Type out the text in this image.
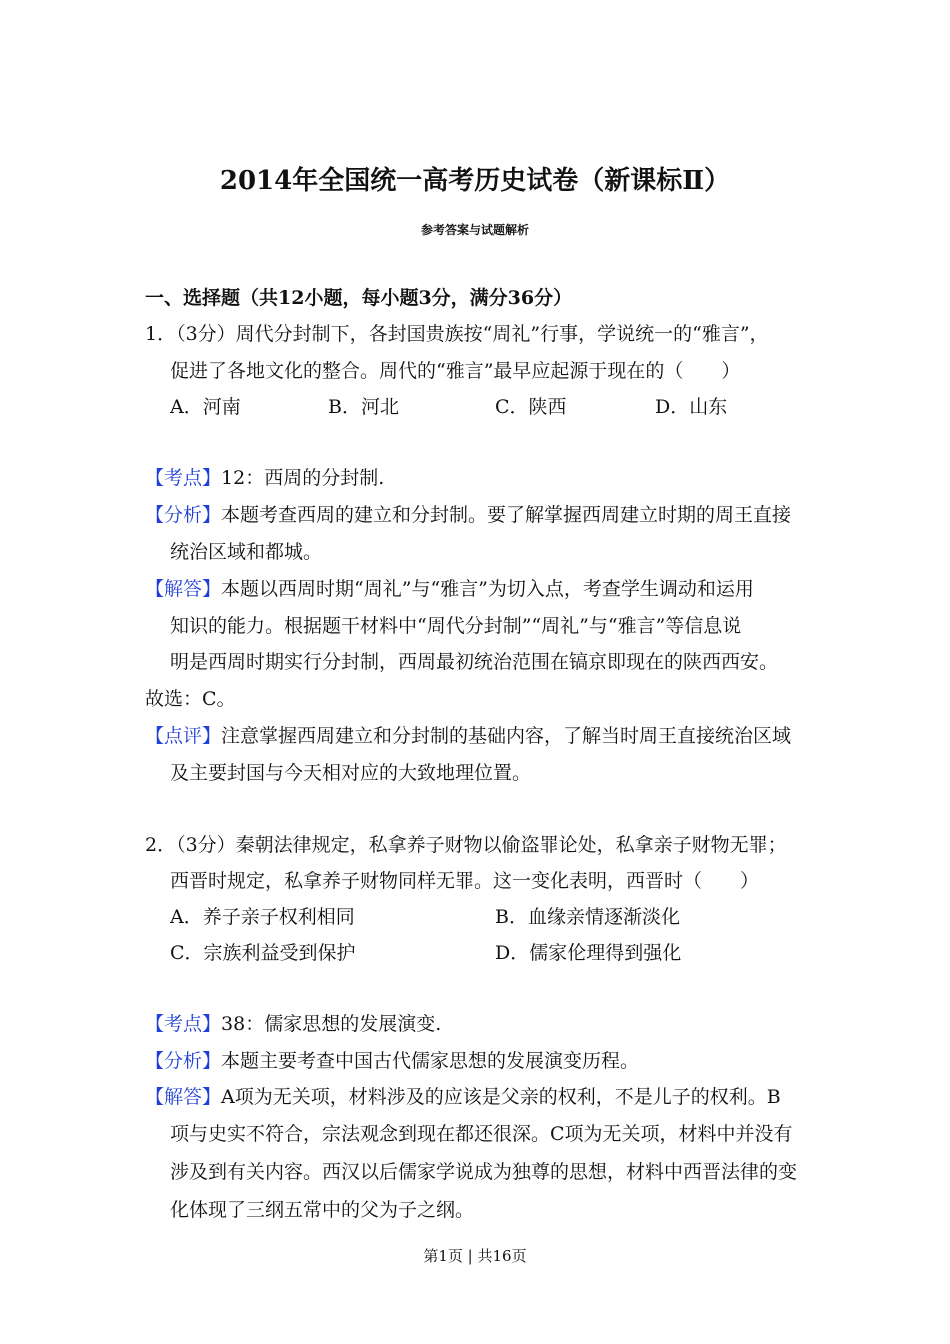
2014年全国统一高考历史试卷（新课标Ⅱ）
参考答案与试题解析
一、选择题（共12小题，每小题3分，满分36分）
1．（3分）周代分封制下，各封国贵族按“周礼”行事，学说统一的“雅言”，
促进了各地文化的整合。周代的“雅言”最早应起源于现在的（　　）
A．河南	B．河北	C．陕西	D．山东
【考点】12：西周的分封制.
【分析】本题考查西周的建立和分封制。要了解掌握西周建立时期的周王直接
统治区域和都城。
【解答】本题以西周时期“周礼”与“雅言”为切入点，考查学生调动和运用
知识的能力。根据题干材料中“周代分封制”“周礼”与“雅言”等信息说
明是西周时期实行分封制，西周最初统治范围在镐京即现在的陕西西安。
故选：C。
【点评】注意掌握西周建立和分封制的基础内容，了解当时周王直接统治区域
及主要封国与今天相对应的大致地理位置。
2．（3分）秦朝法律规定，私拿养子财物以偷盗罪论处，私拿亲子财物无罪；
西晋时规定，私拿养子财物同样无罪。这一变化表明，西晋时（　　）
A．养子亲子权利相同	B．血缘亲情逐渐淡化
C．宗族利益受到保护	D．儒家伦理得到强化
【考点】38：儒家思想的发展演变.
【分析】本题主要考查中国古代儒家思想的发展演变历程。
【解答】A项为无关项，材料涉及的应该是父亲的权利，不是儿子的权利。B
项与史实不符合，宗法观念到现在都还很深。C项为无关项，材料中并没有
涉及到有关内容。西汉以后儒家学说成为独尊的思想，材料中西晋法律的变
化体现了三纲五常中的父为子之纲。
第1页 | 共16页
